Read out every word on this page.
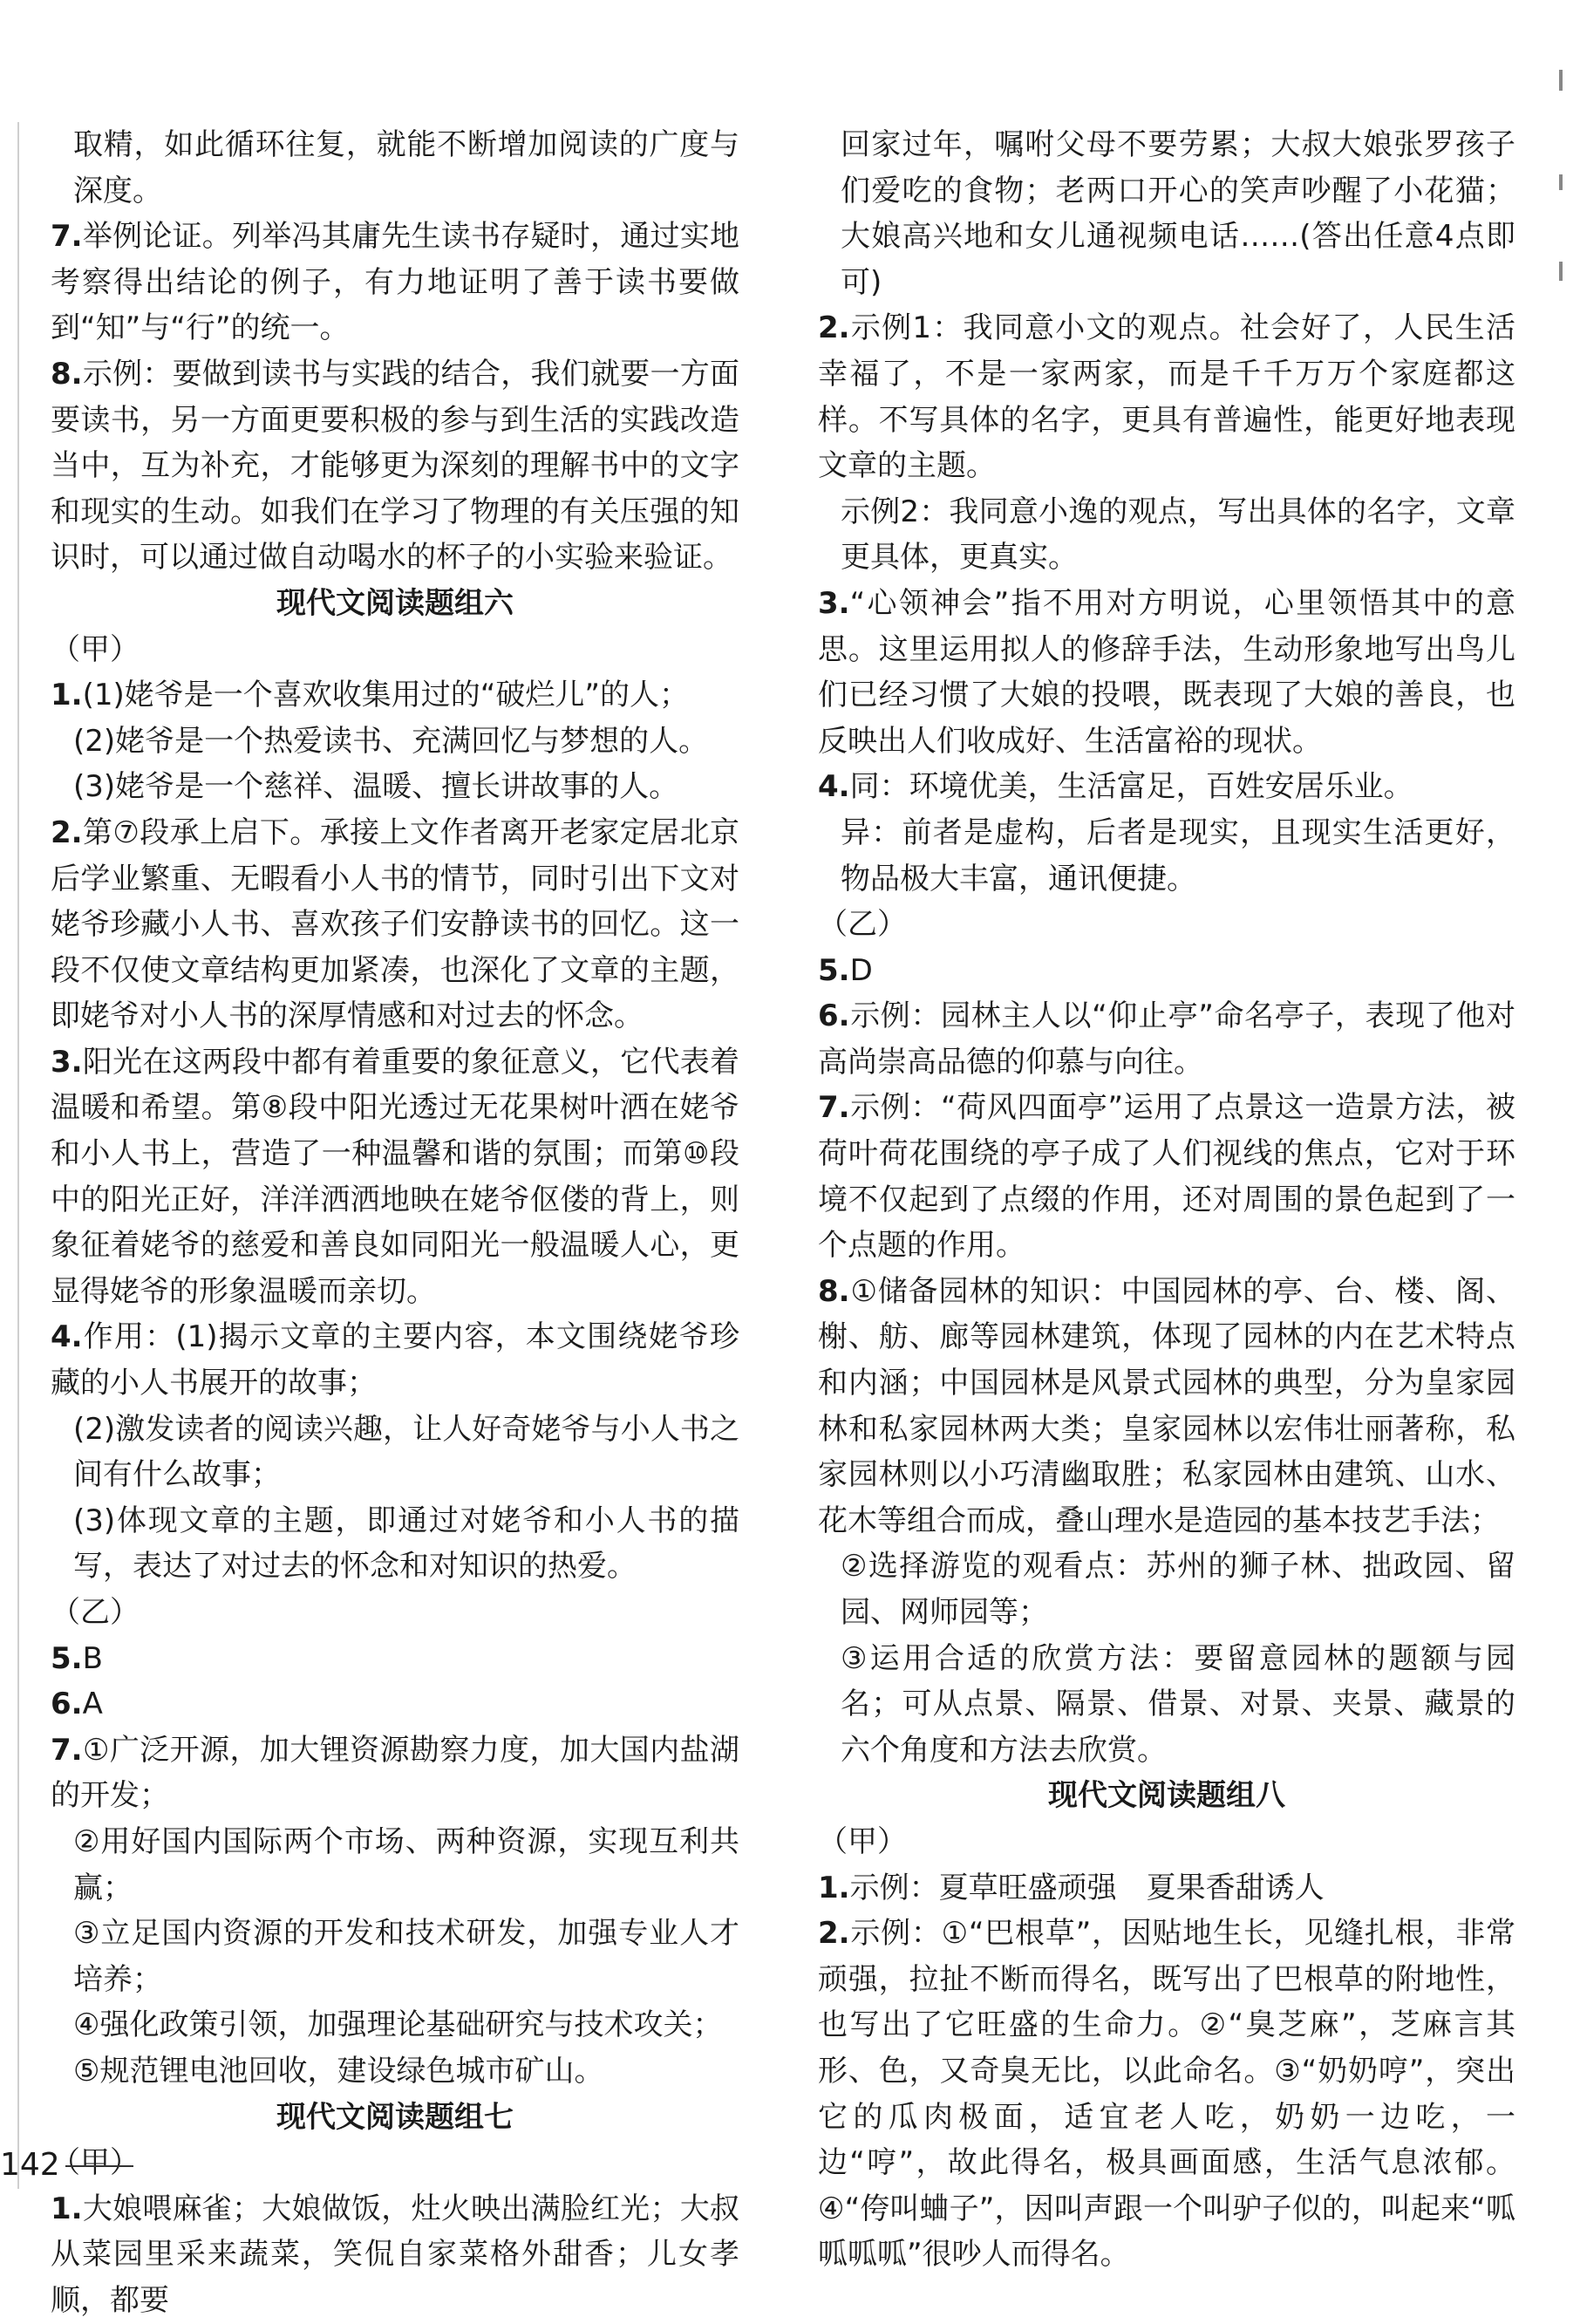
取精，如此循环往复，就能不断增加阅读的广度与深度。

7.举例论证。列举冯其庸先生读书存疑时，通过实地考察得出结论的例子，有力地证明了善于读书要做到“知”与“行”的统一。

8.示例：要做到读书与实践的结合，我们就要一方面要读书，另一方面更要积极的参与到生活的实践改造当中，互为补充，才能够更为深刻的理解书中的文字和现实的生动。如我们在学习了物理的有关压强的知识时，可以通过做自动喝水的杯子的小实验来验证。

现代文阅读题组六

（甲）

1.(1)姥爷是一个喜欢收集用过的“破烂儿”的人；

(2)姥爷是一个热爱读书、充满回忆与梦想的人。

(3)姥爷是一个慈祥、温暖、擅长讲故事的人。

2.第⑦段承上启下。承接上文作者离开老家定居北京后学业繁重、无暇看小人书的情节，同时引出下文对姥爷珍藏小人书、喜欢孩子们安静读书的回忆。这一段不仅使文章结构更加紧凑，也深化了文章的主题，即姥爷对小人书的深厚情感和对过去的怀念。

3.阳光在这两段中都有着重要的象征意义，它代表着温暖和希望。第⑧段中阳光透过无花果树叶洒在姥爷和小人书上，营造了一种温馨和谐的氛围；而第⑩段中的阳光正好，洋洋洒洒地映在姥爷伛偻的背上，则象征着姥爷的慈爱和善良如同阳光一般温暖人心，更显得姥爷的形象温暖而亲切。

4.作用：(1)揭示文章的主要内容，本文围绕姥爷珍藏的小人书展开的故事；

(2)激发读者的阅读兴趣，让人好奇姥爷与小人书之间有什么故事；

(3)体现文章的主题，即通过对姥爷和小人书的描写，表达了对过去的怀念和对知识的热爱。

（乙）

5.B

6.A

7.①广泛开源，加大锂资源勘察力度，加大国内盐湖的开发；

②用好国内国际两个市场、两种资源，实现互利共赢；

③立足国内资源的开发和技术研发，加强专业人才培养；

④强化政策引领，加强理论基础研究与技术攻关；

⑤规范锂电池回收，建设绿色城市矿山。

现代文阅读题组七

（甲）

1.大娘喂麻雀；大娘做饭，灶火映出满脸红光；大叔从菜园里采来蔬菜，笑侃自家菜格外甜香；儿女孝顺，都要

回家过年，嘱咐父母不要劳累；大叔大娘张罗孩子们爱吃的食物；老两口开心的笑声吵醒了小花猫；大娘高兴地和女儿通视频电话……(答出任意4点即可)

2.示例1：我同意小文的观点。社会好了，人民生活幸福了，不是一家两家，而是千千万万个家庭都这样。不写具体的名字，更具有普遍性，能更好地表现文章的主题。

示例2：我同意小逸的观点，写出具体的名字，文章更具体，更真实。

3.“心领神会”指不用对方明说，心里领悟其中的意思。这里运用拟人的修辞手法，生动形象地写出鸟儿们已经习惯了大娘的投喂，既表现了大娘的善良，也反映出人们收成好、生活富裕的现状。

4.同：环境优美，生活富足，百姓安居乐业。

异：前者是虚构，后者是现实，且现实生活更好，物品极大丰富，通讯便捷。

（乙）

5.D

6.示例：园林主人以“仰止亭”命名亭子，表现了他对高尚崇高品德的仰慕与向往。

7.示例：“荷风四面亭”运用了点景这一造景方法，被荷叶荷花围绕的亭子成了人们视线的焦点，它对于环境不仅起到了点缀的作用，还对周围的景色起到了一个点题的作用。

8.①储备园林的知识：中国园林的亭、台、楼、阁、榭、舫、廊等园林建筑，体现了园林的内在艺术特点和内涵；中国园林是风景式园林的典型，分为皇家园林和私家园林两大类；皇家园林以宏伟壮丽著称，私家园林则以小巧清幽取胜；私家园林由建筑、山水、花木等组合而成，叠山理水是造园的基本技艺手法；

②选择游览的观看点：苏州的狮子林、拙政园、留园、网师园等；

③运用合适的欣赏方法：要留意园林的题额与园名；可从点景、隔景、借景、对景、夹景、藏景的六个角度和方法去欣赏。

现代文阅读题组八

（甲）

1.示例：夏草旺盛顽强　夏果香甜诱人

2.示例：①“巴根草”，因贴地生长，见缝扎根，非常顽强，拉扯不断而得名，既写出了巴根草的附地性，也写出了它旺盛的生命力。②“臭芝麻”，芝麻言其形、色，又奇臭无比，以此命名。③“奶奶哼”，突出它的瓜肉极面，适宜老人吃，奶奶一边吃，一边“哼”，故此得名，极具画面感，生活气息浓郁。④“侉叫蛐子”，因叫声跟一个叫驴子似的，叫起来“呱呱呱呱”很吵人而得名。

142
